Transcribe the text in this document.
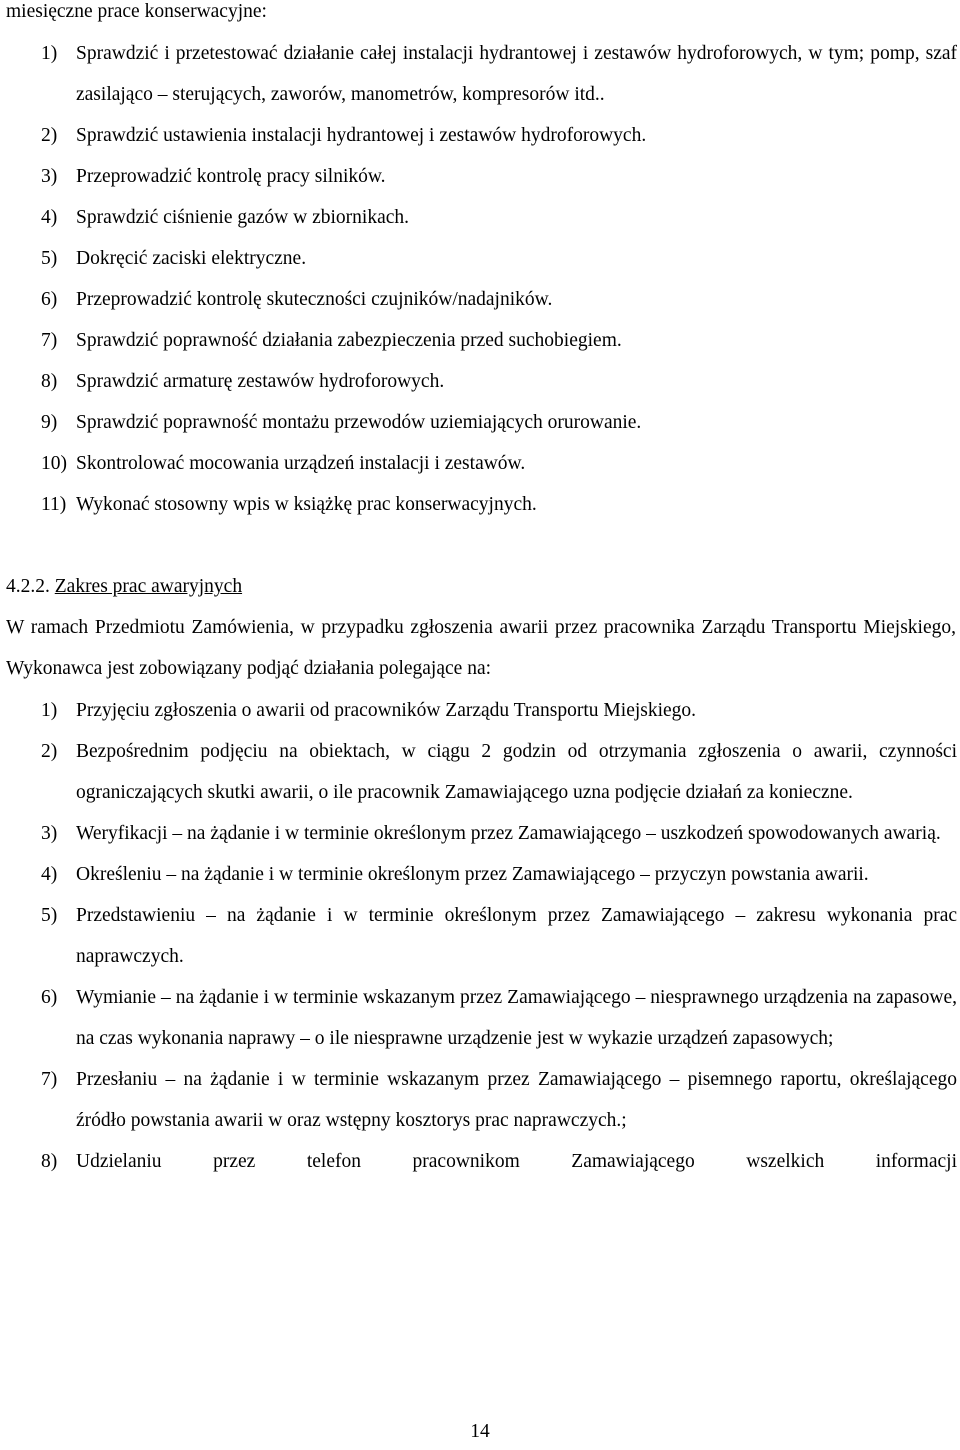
miesięczne prace konserwacyjne:

1) Sprawdzić i przetestować działanie całej instalacji hydrantowej i zestawów hydroforowych, w tym; pomp, szaf zasilająco – sterujących, zaworów, manometrów, kompresorów itd..
2) Sprawdzić ustawienia instalacji hydrantowej i zestawów hydroforowych.
3) Przeprowadzić kontrolę pracy silników.
4) Sprawdzić ciśnienie gazów w zbiornikach.
5) Dokręcić zaciski elektryczne.
6) Przeprowadzić kontrolę skuteczności czujników/nadajników.
7) Sprawdzić poprawność działania zabezpieczenia przed suchobiegiem.
8) Sprawdzić armaturę zestawów hydroforowych.
9) Sprawdzić poprawność montażu przewodów uziemiających orurowanie.
10) Skontrolować mocowania urządzeń instalacji i zestawów.
11) Wykonać stosowny wpis w książkę prac konserwacyjnych.

4.2.2. Zakres prac awaryjnych

W ramach Przedmiotu Zamówienia, w przypadku zgłoszenia awarii przez pracownika Zarządu Transportu Miejskiego, Wykonawca jest zobowiązany podjąć działania polegające na:

1) Przyjęciu zgłoszenia o awarii od pracowników Zarządu Transportu Miejskiego.
2) Bezpośrednim podjęciu na obiektach, w ciągu 2 godzin od otrzymania zgłoszenia o awarii, czynności ograniczających skutki awarii, o ile pracownik Zamawiającego uzna podjęcie działań za konieczne.
3) Weryfikacji – na żądanie i w terminie określonym przez Zamawiającego – uszkodzeń spowodowanych awarią.
4) Określeniu – na żądanie i w terminie określonym przez Zamawiającego – przyczyn powstania awarii.
5) Przedstawieniu – na żądanie i w terminie określonym przez Zamawiającego – zakresu wykonania prac naprawczych.
6) Wymianie – na żądanie i w terminie wskazanym przez Zamawiającego – niesprawnego urządzenia na zapasowe, na czas wykonania naprawy – o ile niesprawne urządzenie jest w wykazie urządzeń zapasowych;
7) Przesłaniu – na żądanie i w terminie wskazanym przez Zamawiającego – pisemnego raportu, określającego źródło powstania awarii w oraz wstępny kosztorys prac naprawczych.;
8) Udzielaniu przez telefon pracownikom Zamawiającego wszelkich informacji
14
